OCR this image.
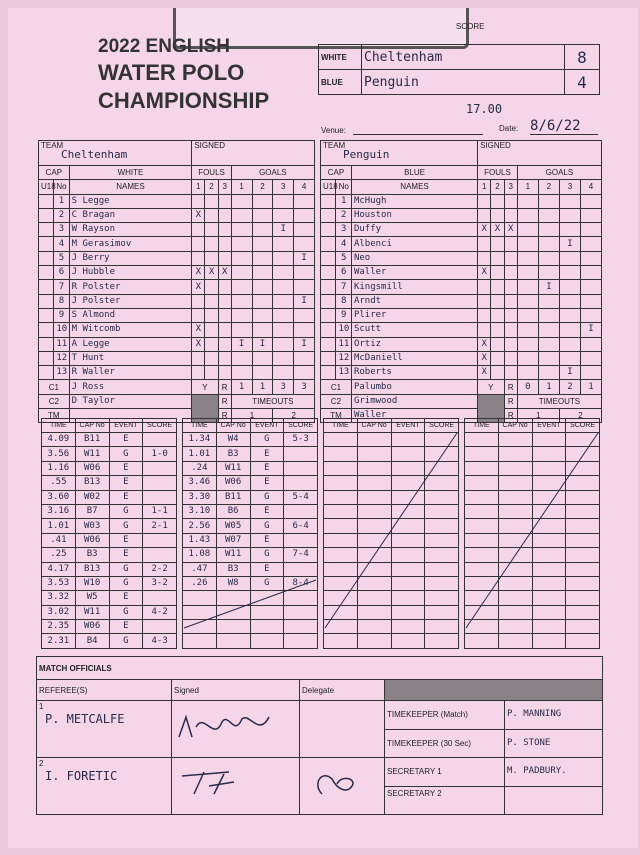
2022 ENGLISH
WATER POLO
CHAMPIONSHIP
SCORE
WHITE	Cheltenham	8
BLUE	Penguin	4
17.00
Venue:	Date: 8/6/22
TEAM
Cheltenham			SIGNED						
CAP		WHITE	FOULS			GOALS			
U18	No	NAMES	1	2	3	1	2	3	4
	1	S Legge							
	2	C Bragan	X						
	3	W Rayson						I	
	4	M Gerasimov							
	5	J Berry							I
	6	J Hubble	X	X	X				
	7	R Polster	X						
	8	J Polster							I
	9	S Almond							
	10	M Witcomb	X						
	11	A Legge	X			I	I		I
	12	T Hunt							
	13	R Waller							
C1		J Ross	Y		R	1	1	3	3
C2		D Taylor			R	TIMEOUTS			
TM					R	1		2	
TEAM
Penguin			SIGNED						
CAP		BLUE	FOULS			GOALS			
U18	No	NAMES	1	2	3	1	2	3	4
	1	McHugh							
	2	Houston							
	3	Duffy	X	X	X				
	4	Albenci						I	
	5	Neo							
	6	Waller	X						
	7	Kingsmill					I		
	8	Arndt							
	9	Plirer							
	10	Scutt							I
	11	Ortiz	X						
	12	McDaniell	X						
	13	Roberts	X					I	
C1		Palumbo	Y		R	0	1	2	1
C2		Grimwood			R	TIMEOUTS			
TM		Waller			R	1		2	
TIME	CAP No	EVENT	SCORE
4.09	B11	E	
3.56	W11	G	1-0
1.16	W06	E	
.55	B13	E	
3.60	W02	E	
3.16	B7	G	1-1
1.01	W03	G	2-1
.41	W06	E	
.25	B3	E	
4.17	B13	G	2-2
3.53	W10	G	3-2
3.32	W5	E	
3.02	W11	G	4-2
2.35	W06	E	
2.31	B4	G	4-3
TIME	CAP No	EVENT	SCORE
1.34	W4	G	5-3
1.01	B3	E	
.24	W11	E	
3.46	W06	E	
3.30	B11	G	5-4
3.10	B6	E	
2.56	W05	G	6-4
1.43	W07	E	
1.08	W11	G	7-4
.47	B3	E	
.26	W8	G	8-4

TIME	CAP No	EVENT	SCORE

				TIME	CAP No	EVENT	SCORE

MATCH OFFICIALS				
REFEREE(S)	Signed	Delegate		
1
P. METCALFE			TIMEKEEPER (Match)	P. MANNING
			TIMEKEEPER (30 Sec)	P. STONE
2
I. FORETIC			SECRETARY 1	M. PADBURY.
			SECRETARY 2	
